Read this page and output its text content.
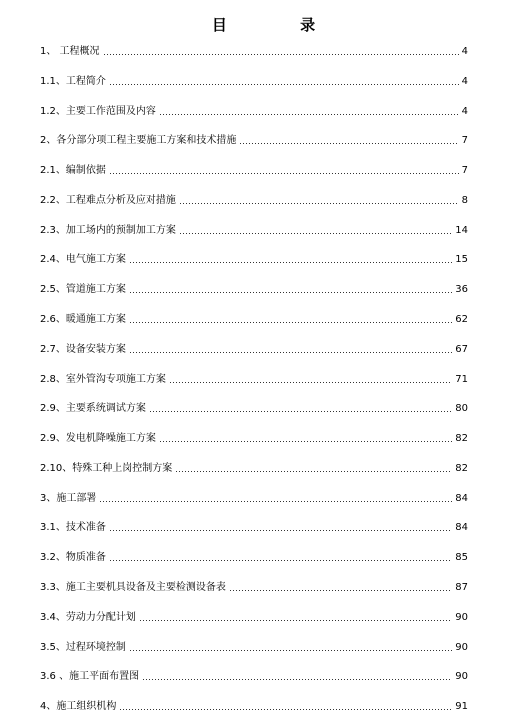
目 录
1、 工程概况	4
1.1、工程简介	4
1.2、主要工作范围及内容	4
2、各分部分项工程主要施工方案和技术措施	7
2.1、编制依据	7
2.2、工程难点分析及应对措施	8
2.3、加工场内的预制加工方案	14
2.4、电气施工方案	15
2.5、管道施工方案	36
2.6、暖通施工方案	62
2.7、设备安装方案	67
2.8、室外管沟专项施工方案	71
2.9、主要系统调试方案	80
2.9、发电机降噪施工方案	82
2.10、特殊工种上岗控制方案	82
3、施工部署	84
3.1、技术准备	84
3.2、物质准备	85
3.3、施工主要机具设备及主要检测设备表	87
3.4、劳动力分配计划	90
3.5、过程环境控制	90
3.6 、施工平面布置图	90
4、施工组织机构	91
